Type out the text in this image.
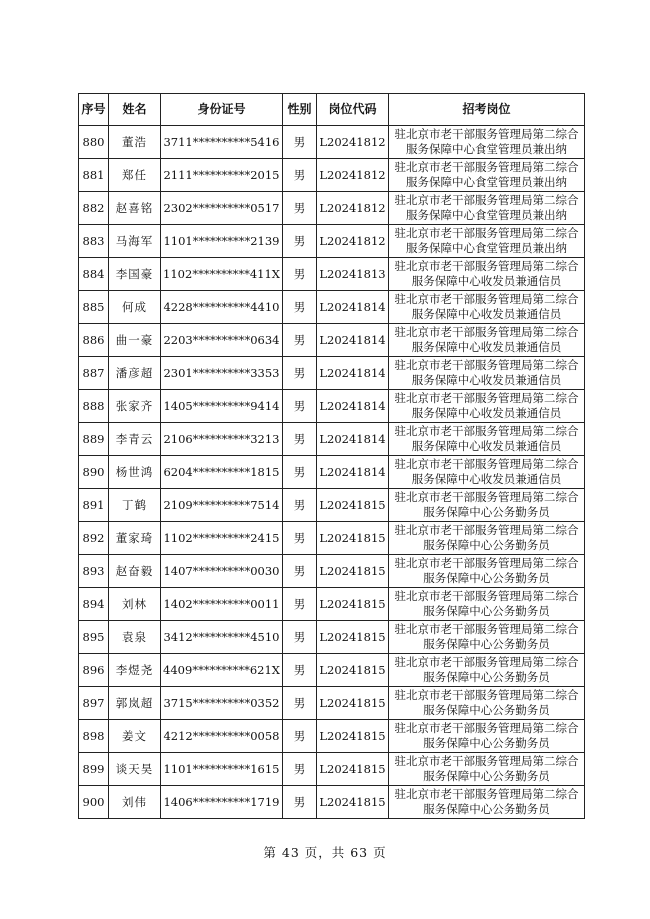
序号	姓名	身份证号	性别	岗位代码	招考岗位
880	董浩	3711**********5416	男	L20241812	驻北京市老干部服务管理局第二综合服务保障中心食堂管理员兼出纳
881	郑任	2111**********2015	男	L20241812	驻北京市老干部服务管理局第二综合服务保障中心食堂管理员兼出纳
882	赵喜铭	2302**********0517	男	L20241812	驻北京市老干部服务管理局第二综合服务保障中心食堂管理员兼出纳
883	马海军	1101**********2139	男	L20241812	驻北京市老干部服务管理局第二综合服务保障中心食堂管理员兼出纳
884	李国豪	1102**********411X	男	L20241813	驻北京市老干部服务管理局第二综合服务保障中心收发员兼通信员
885	何成	4228**********4410	男	L20241814	驻北京市老干部服务管理局第二综合服务保障中心收发员兼通信员
886	曲一豪	2203**********0634	男	L20241814	驻北京市老干部服务管理局第二综合服务保障中心收发员兼通信员
887	潘彦超	2301**********3353	男	L20241814	驻北京市老干部服务管理局第二综合服务保障中心收发员兼通信员
888	张家齐	1405**********9414	男	L20241814	驻北京市老干部服务管理局第二综合服务保障中心收发员兼通信员
889	李青云	2106**********3213	男	L20241814	驻北京市老干部服务管理局第二综合服务保障中心收发员兼通信员
890	杨世鸿	6204**********1815	男	L20241814	驻北京市老干部服务管理局第二综合服务保障中心收发员兼通信员
891	丁鹤	2109**********7514	男	L20241815	驻北京市老干部服务管理局第二综合服务保障中心公务勤务员
892	董家琦	1102**********2415	男	L20241815	驻北京市老干部服务管理局第二综合服务保障中心公务勤务员
893	赵奋毅	1407**********0030	男	L20241815	驻北京市老干部服务管理局第二综合服务保障中心公务勤务员
894	刘林	1402**********0011	男	L20241815	驻北京市老干部服务管理局第二综合服务保障中心公务勤务员
895	袁泉	3412**********4510	男	L20241815	驻北京市老干部服务管理局第二综合服务保障中心公务勤务员
896	李煜尧	4409**********621X	男	L20241815	驻北京市老干部服务管理局第二综合服务保障中心公务勤务员
897	郭岚超	3715**********0352	男	L20241815	驻北京市老干部服务管理局第二综合服务保障中心公务勤务员
898	姜文	4212**********0058	男	L20241815	驻北京市老干部服务管理局第二综合服务保障中心公务勤务员
899	谈天昊	1101**********1615	男	L20241815	驻北京市老干部服务管理局第二综合服务保障中心公务勤务员
900	刘伟	1406**********1719	男	L20241815	驻北京市老干部服务管理局第二综合服务保障中心公务勤务员
第 43 页，共 63 页
